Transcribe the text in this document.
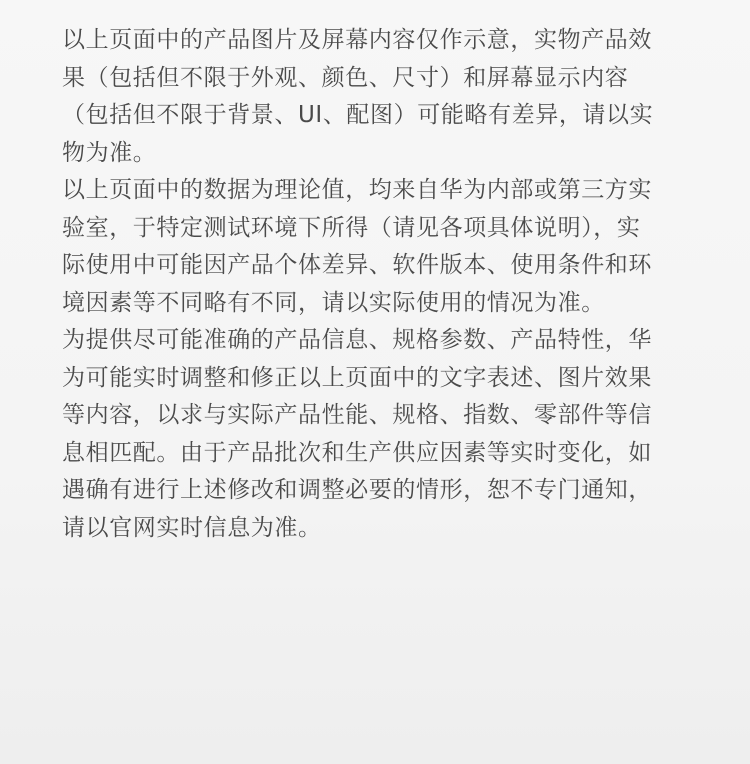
以上页面中的产品图片及屏幕内容仅作示意，实物产品效
果（包括但不限于外观、颜色、尺寸）和屏幕显示内容
（包括但不限于背景、UI、配图）可能略有差异，请以实
物为准。

以上页面中的数据为理论值，均来自华为内部或第三方实
验室，于特定测试环境下所得（请见各项具体说明），实
际使用中可能因产品个体差异、软件版本、使用条件和环
境因素等不同略有不同，请以实际使用的情况为准。

为提供尽可能准确的产品信息、规格参数、产品特性，华
为可能实时调整和修正以上页面中的文字表述、图片效果
等内容，以求与实际产品性能、规格、指数、零部件等信
息相匹配。由于产品批次和生产供应因素等实时变化，如
遇确有进行上述修改和调整必要的情形，恕不专门通知，
请以官网实时信息为准。
